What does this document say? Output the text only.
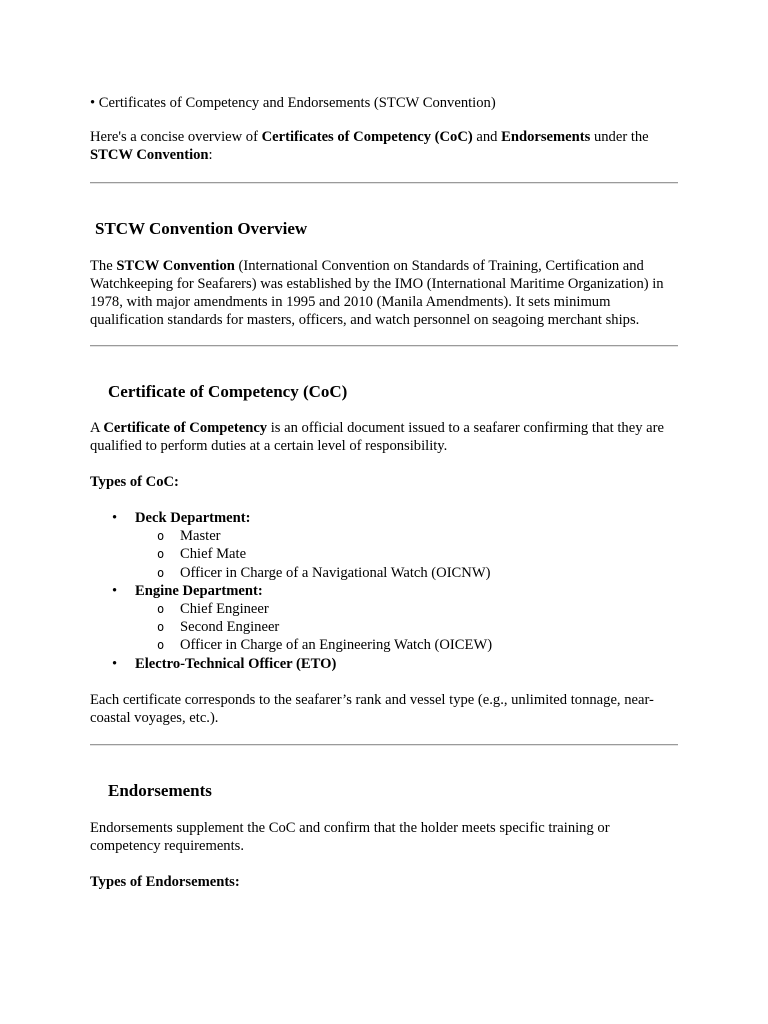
• Certificates of Competency and Endorsements (STCW Convention)

Here's a concise overview of Certificates of Competency (CoC) and Endorsements under the
STCW Convention:

STCW Convention Overview

The STCW Convention (International Convention on Standards of Training, Certification and Watchkeeping for Seafarers) was established by the IMO (International Maritime Organization) in 1978, with major amendments in 1995 and 2010 (Manila Amendments). It sets minimum qualification standards for masters, officers, and watch personnel on seagoing merchant ships.

Certificate of Competency (CoC)

A Certificate of Competency is an official document issued to a seafarer confirming that they are qualified to perform duties at a certain level of responsibility.

Types of CoC:

• Deck Department:
o Master
o Chief Mate
o Officer in Charge of a Navigational Watch (OICNW)
• Engine Department:
o Chief Engineer
o Second Engineer
o Officer in Charge of an Engineering Watch (OICEW)
• Electro-Technical Officer (ETO)

Each certificate corresponds to the seafarer’s rank and vessel type (e.g., unlimited tonnage, near-coastal voyages, etc.).

Endorsements

Endorsements supplement the CoC and confirm that the holder meets specific training or competency requirements.

Types of Endorsements:
